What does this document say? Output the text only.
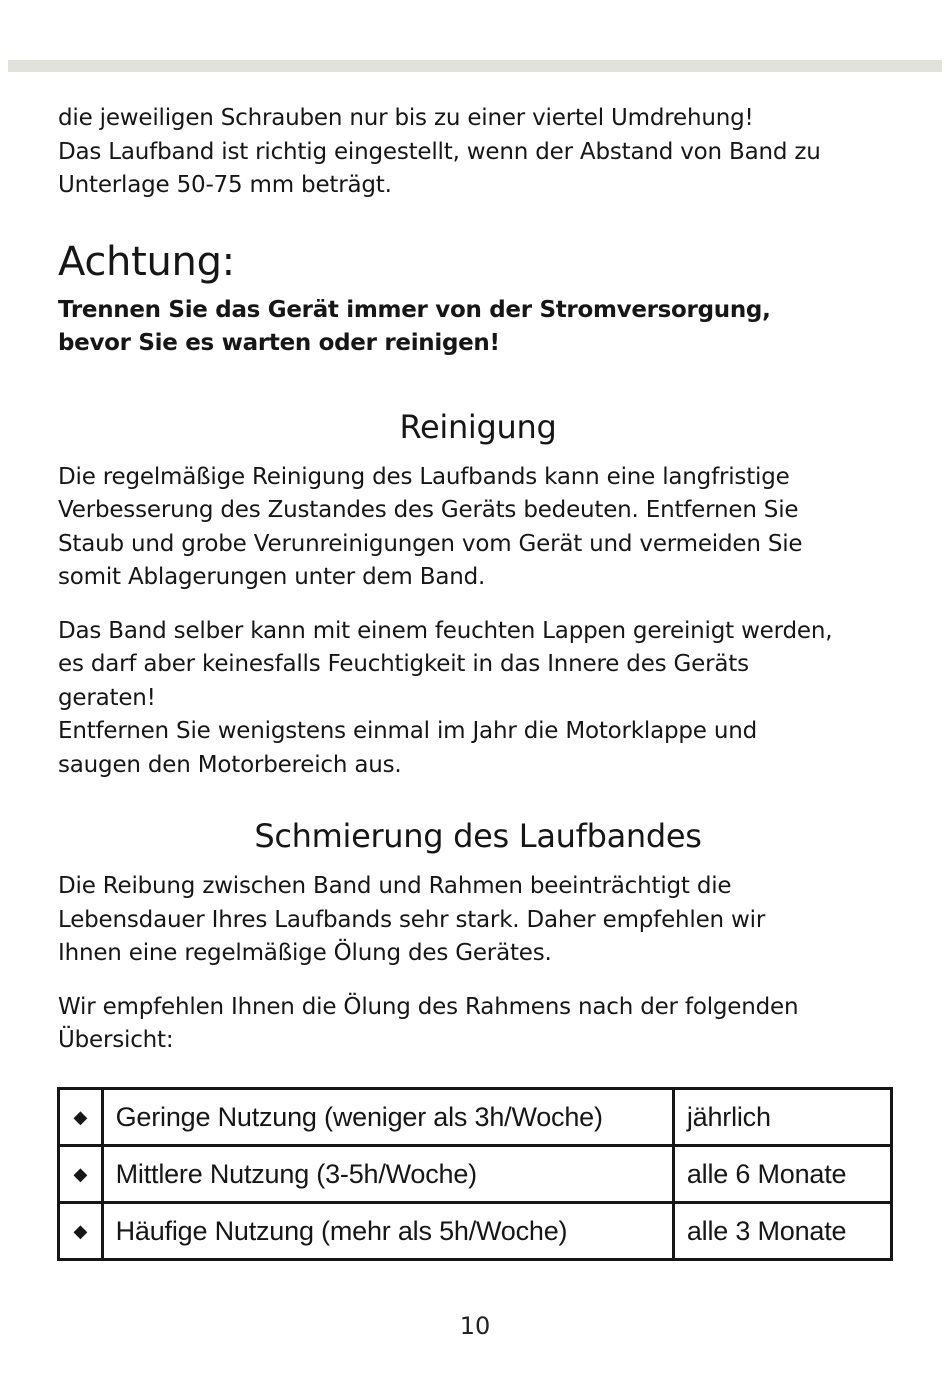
die jeweiligen Schrauben nur bis zu einer viertel Umdrehung!
Das Laufband ist richtig eingestellt, wenn der Abstand von Band zu
Unterlage 50-75 mm beträgt.

Achtung:

Trennen Sie das Gerät immer von der Stromversorgung,
bevor Sie es warten oder reinigen!

Reinigung

Die regelmäßige Reinigung des Laufbands kann eine langfristige
Verbesserung des Zustandes des Geräts bedeuten. Entfernen Sie
Staub und grobe Verunreinigungen vom Gerät und vermeiden Sie
somit Ablagerungen unter dem Band.

Das Band selber kann mit einem feuchten Lappen gereinigt werden,
es darf aber keinesfalls Feuchtigkeit in das Innere des Geräts
geraten!
Entfernen Sie wenigstens einmal im Jahr die Motorklappe und
saugen den Motorbereich aus.

Schmierung des Laufbandes

Die Reibung zwischen Band und Rahmen beeinträchtigt die
Lebensdauer Ihres Laufbands sehr stark. Daher empfehlen wir
Ihnen eine regelmäßige Ölung des Gerätes.

Wir empfehlen Ihnen die Ölung des Rahmens nach der folgenden
Übersicht:

◆	Geringe Nutzung (weniger als 3h/Woche)	jährlich
◆	Mittlere Nutzung (3-5h/Woche)	alle 6 Monate
◆	Häufige Nutzung (mehr als 5h/Woche)	alle 3 Monate
10
